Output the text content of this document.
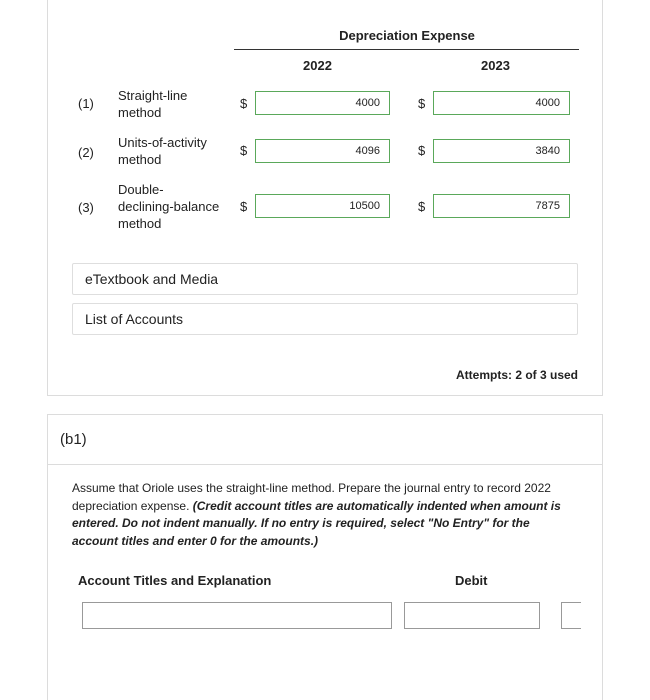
Depreciation Expense
2022	2023
(1)
Straight-line
method
$	4000	$	4000
(2)
Units-of-activity
method
$	4096	$	3840
(3)
Double-
declining-balance
method
$	10500	$	7875
eTextbook and Media
List of Accounts
Attempts: 2 of 3 used
(b1)
Assume that Oriole uses the straight-line method. Prepare the journal entry to record 2022 depreciation expense. (Credit account titles are automatically indented when amount is entered. Do not indent manually. If no entry is required, select "No Entry" for the account titles and enter 0 for the amounts.)
Account Titles and Explanation	Debit
